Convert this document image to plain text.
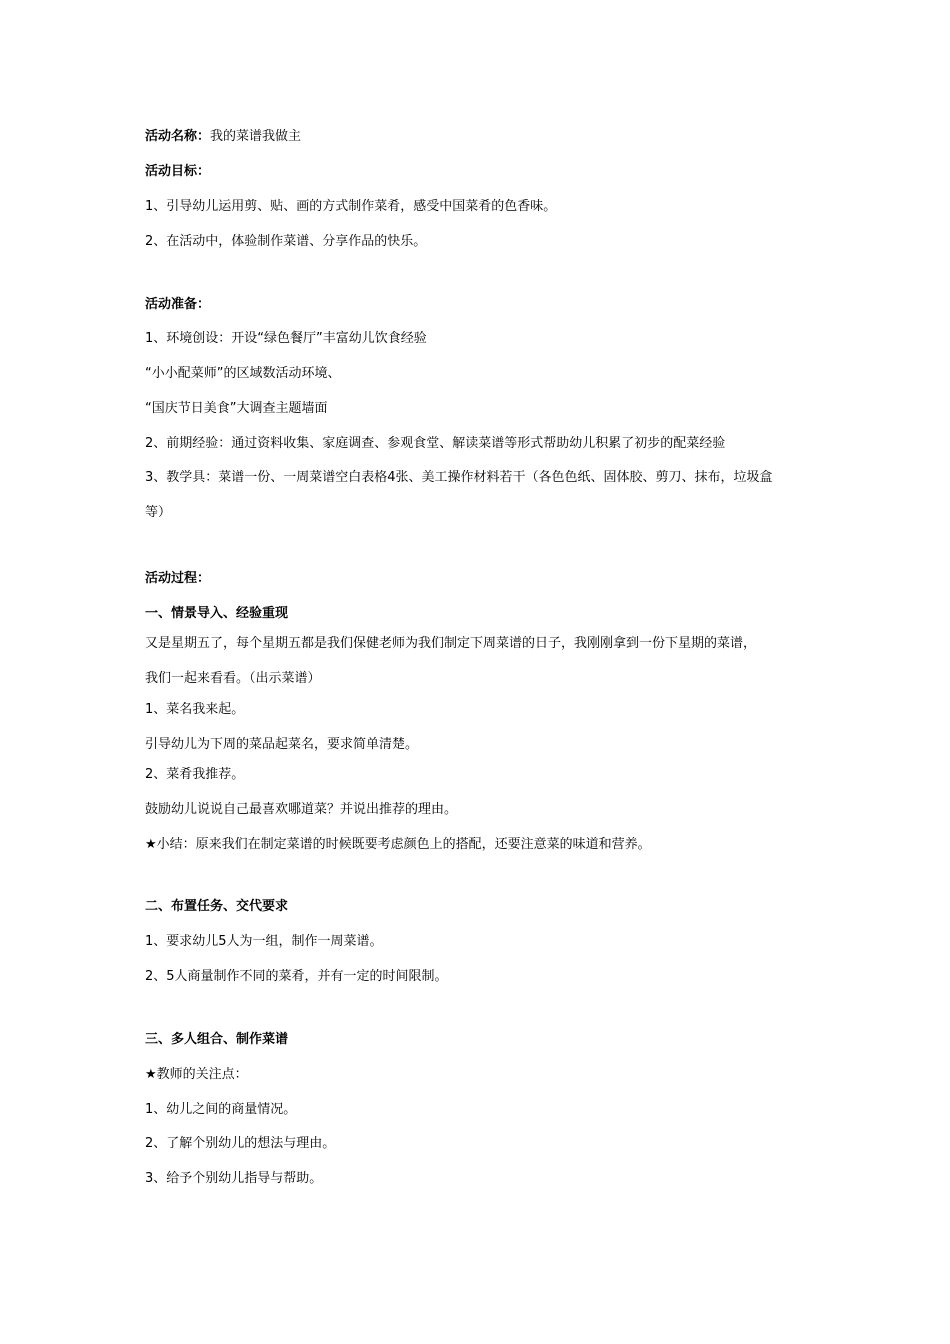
活动名称：我的菜谱我做主
活动目标：
1、引导幼儿运用剪、贴、画的方式制作菜肴，感受中国菜肴的色香味。
2、在活动中，体验制作菜谱、分享作品的快乐。
活动准备：
1、环境创设：开设“绿色餐厅”丰富幼儿饮食经验
“小小配菜师”的区域数活动环境、
“国庆节日美食”大调查主题墙面
2、前期经验：通过资料收集、家庭调查、参观食堂、解读菜谱等形式帮助幼儿积累了初步的配菜经验
3、教学具：菜谱一份、一周菜谱空白表格4张、美工操作材料若干（各色色纸、固体胶、剪刀、抹布，垃圾盒
等）
活动过程：
一、情景导入、经验重现
又是星期五了，每个星期五都是我们保健老师为我们制定下周菜谱的日子，我刚刚拿到一份下星期的菜谱，
我们一起来看看。（出示菜谱）
1、菜名我来起。
引导幼儿为下周的菜品起菜名，要求简单清楚。
2、菜肴我推荐。
鼓励幼儿说说自己最喜欢哪道菜？并说出推荐的理由。
★小结：原来我们在制定菜谱的时候既要考虑颜色上的搭配，还要注意菜的味道和营养。
二、布置任务、交代要求
1、要求幼儿5人为一组，制作一周菜谱。
2、5人商量制作不同的菜肴，并有一定的时间限制。
三、多人组合、制作菜谱
★教师的关注点：
1、幼儿之间的商量情况。
2、了解个别幼儿的想法与理由。
3、给予个别幼儿指导与帮助。
